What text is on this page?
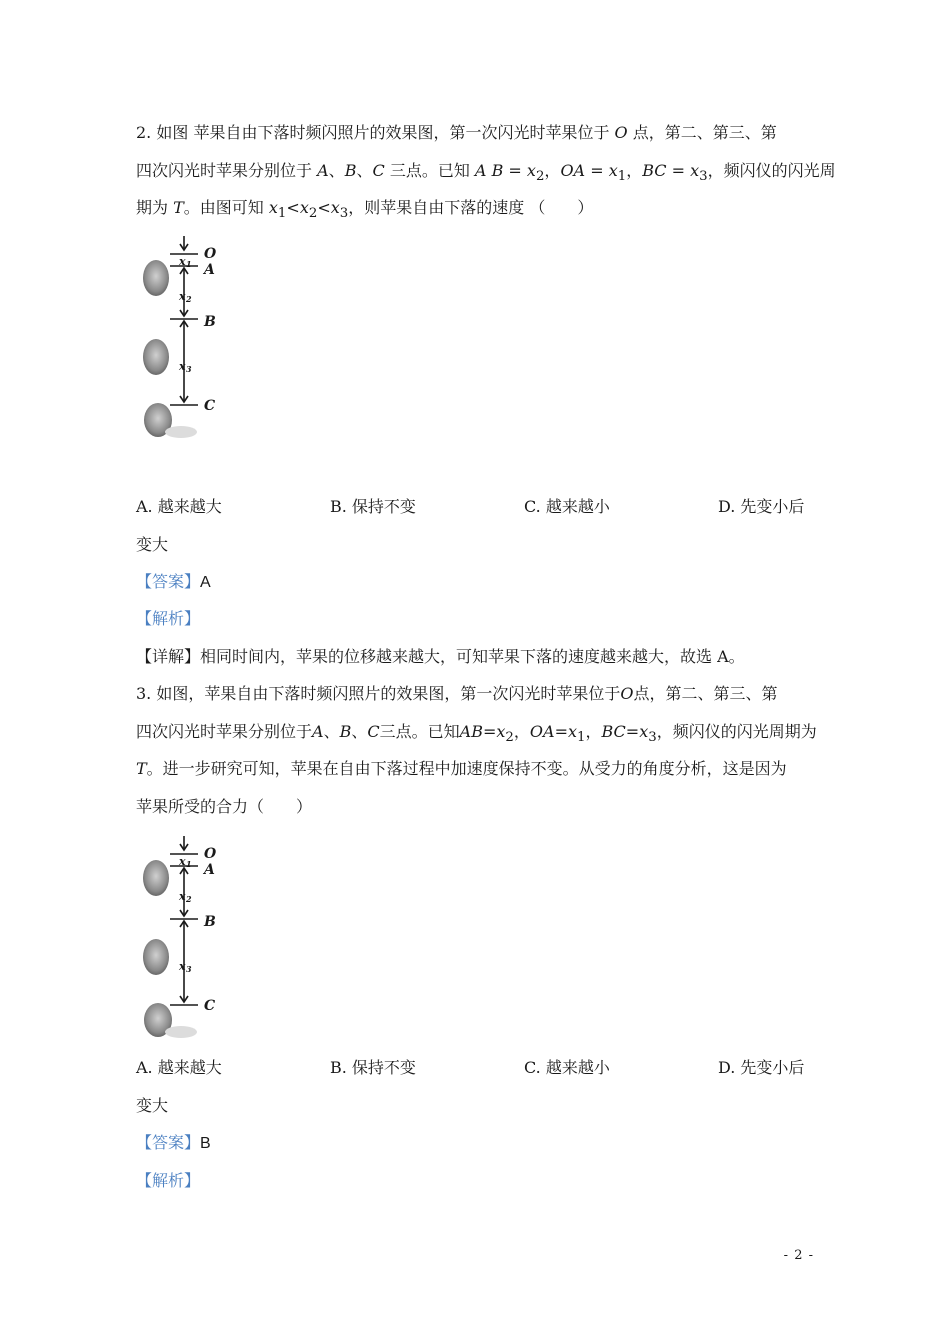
2. 如图 苹果自由下落时频闪照片的效果图，第一次闪光时苹果位于 O 点，第二、第三、第
四次闪光时苹果分别位于 A、B、C 三点。已知 A $B = x_2$，OA = $x_1$，BC = $x_3$，频闪仪的闪光周
期为 T。由图可知 $x_1<x_2<x_3$，则苹果自由下落的速度 （　　）
O
A
B
C
x 1
x 2
x 3
A. 越来越大	B. 保持不变	C. 越来越小	D. 先变小后
变大
【答案】A
【解析】
【详解】相同时间内，苹果的位移越来越大，可知苹果下落的速度越来越大，故选 A。
3. 如图，苹果自由下落时频闪照片的效果图，第一次闪光时苹果位于O点，第二、第三、第
四次闪光时苹果分别位于A、B、C三点。已知$AB=x_2$，$OA=x_1$，$BC=x_3$，频闪仪的闪光周期为
T。进一步研究可知，苹果在自由下落过程中加速度保持不变。从受力的角度分析，这是因为
苹果所受的合力（　　）
O
A
B
C
x 1
x 2
x 3
A. 越来越大	B. 保持不变	C. 越来越小	D. 先变小后
变大
【答案】B
【解析】
- 2 -
